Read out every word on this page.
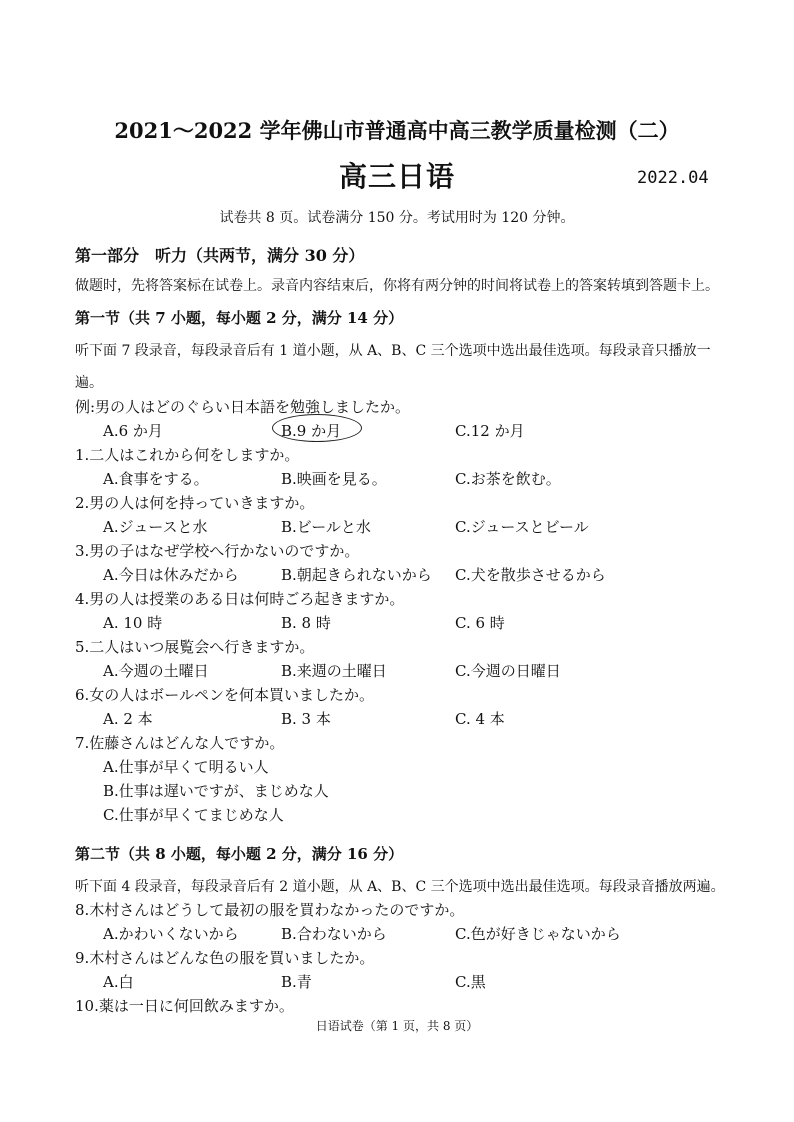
2021～2022 学年佛山市普通高中高三教学质量检测（二）
高三日语	2022.04
试卷共 8 页。试卷满分 150 分。考试用时为 120 分钟。
第一部分　听力（共两节，满分 30 分）
做题时，先将答案标在试卷上。录音内容结束后，你将有两分钟的时间将试卷上的答案转填到答题卡上。
第一节（共 7 小题，每小题 2 分，满分 14 分）
听下面 7 段录音，每段录音后有 1 道小题，从 A、B、C 三个选项中选出最佳选项。每段录音只播放一
遍。
例:男の人はどのぐらい日本語を勉強しましたか。
A.6 か月	B.9 か月	C.12 か月
1.二人はこれから何をしますか。
A.食事をする。	B.映画を見る。	C.お茶を飲む。
2.男の人は何を持っていきますか。
A.ジュースと水	B.ビールと水	C.ジュースとビール
3.男の子はなぜ学校へ行かないのですか。
A.今日は休みだから	B.朝起きられないから C.犬を散歩させるから
4.男の人は授業のある日は何時ごろ起きますか。
A. 10 時	B. 8 時	C. 6 時
5.二人はいつ展覧会へ行きますか。
A.今週の土曜日	B.来週の土曜日	C.今週の日曜日
6.女の人はボールペンを何本買いましたか。
A. 2 本	B. 3 本	C. 4 本
7.佐藤さんはどんな人ですか。
A.仕事が早くて明るい人
B.仕事は遅いですが、まじめな人
C.仕事が早くてまじめな人
第二节（共 8 小题，每小题 2 分，满分 16 分）
听下面 4 段录音，每段录音后有 2 道小题，从 A、B、C 三个选项中选出最佳选项。每段录音播放两遍。
8.木村さんはどうして最初の服を買わなかったのですか。
A.かわいくないから	B.合わないから	C.色が好きじゃないから
9.木村さんはどんな色の服を買いましたか。
A.白	B.青	C.黒
10.薬は一日に何回飲みますか。
日语试卷（第 1 页，共 8 页）
